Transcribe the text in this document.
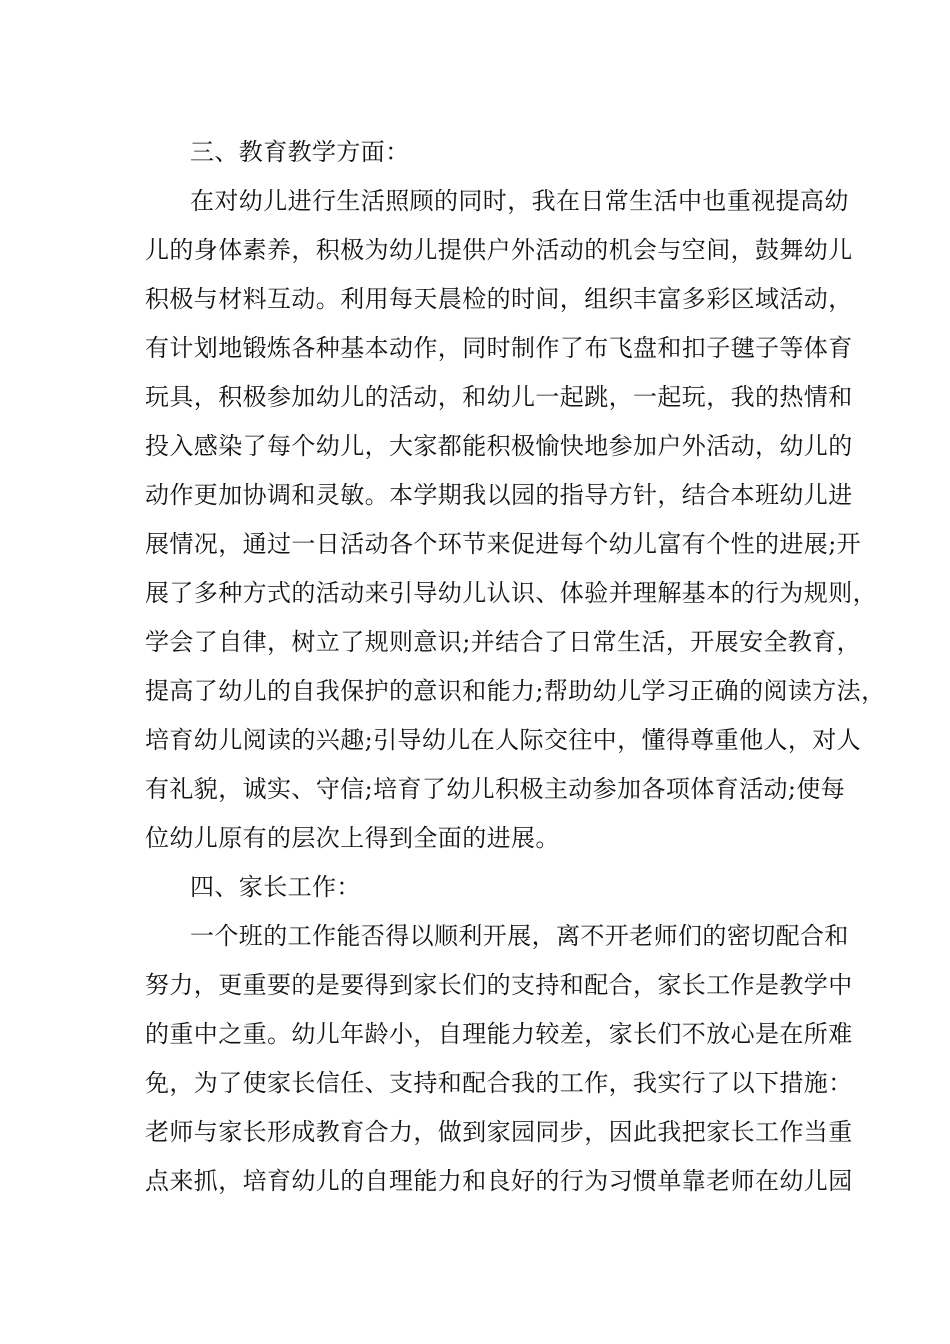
三、教育教学方面：
在对幼儿进行生活照顾的同时，我在日常生活中也重视提高幼
儿的身体素养，积极为幼儿提供户外活动的机会与空间，鼓舞幼儿
积极与材料互动。利用每天晨检的时间，组织丰富多彩区域活动，
有计划地锻炼各种基本动作，同时制作了布飞盘和扣子毽子等体育
玩具，积极参加幼儿的活动，和幼儿一起跳，一起玩，我的热情和
投入感染了每个幼儿，大家都能积极愉快地参加户外活动，幼儿的
动作更加协调和灵敏。本学期我以园的指导方针，结合本班幼儿进
展情况，通过一日活动各个环节来促进每个幼儿富有个性的进展;开
展了多种方式的活动来引导幼儿认识、体验并理解基本的行为规则，
学会了自律，树立了规则意识;并结合了日常生活，开展安全教育，
提高了幼儿的自我保护的意识和能力;帮助幼儿学习正确的阅读方法，
培育幼儿阅读的兴趣;引导幼儿在人际交往中，懂得尊重他人，对人
有礼貌，诚实、守信;培育了幼儿积极主动参加各项体育活动;使每
位幼儿原有的层次上得到全面的进展。
四、家长工作：
一个班的工作能否得以顺利开展，离不开老师们的密切配合和
努力，更重要的是要得到家长们的支持和配合，家长工作是教学中
的重中之重。幼儿年龄小，自理能力较差，家长们不放心是在所难
免，为了使家长信任、支持和配合我的工作，我实行了以下措施：
老师与家长形成教育合力，做到家园同步，因此我把家长工作当重
点来抓，培育幼儿的自理能力和良好的行为习惯单靠老师在幼儿园
